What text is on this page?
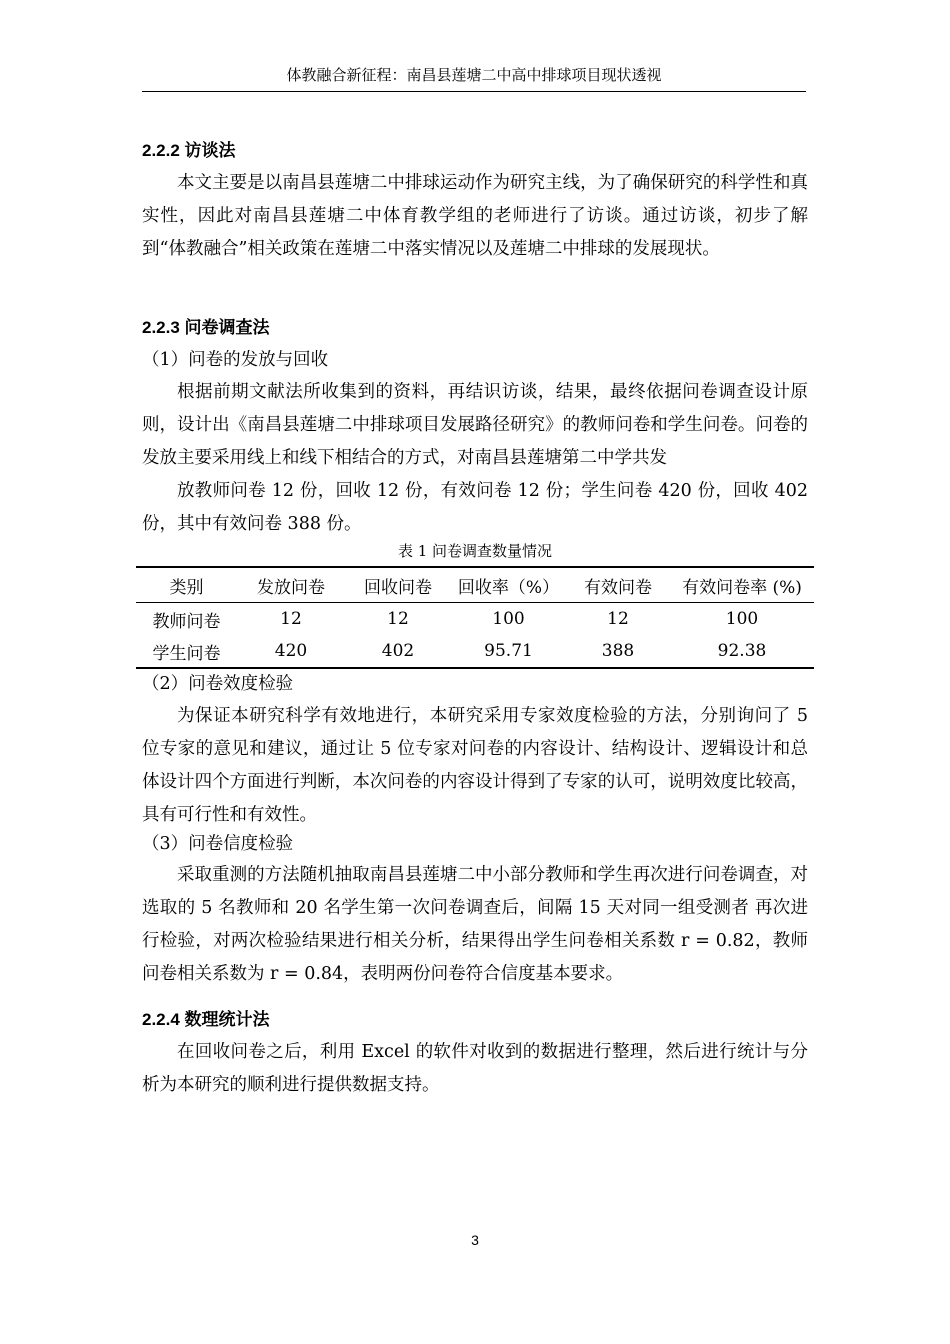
体教融合新征程：南昌县莲塘二中高中排球项目现状透视
2.2.2 访谈法

本文主要是以南昌县莲塘二中排球运动作为研究主线，为了确保研究的科学性和真实性，因此对南昌县莲塘二中体育教学组的老师进行了访谈。通过访谈，初步了解到“体教融合”相关政策在莲塘二中落实情况以及莲塘二中排球的发展现状。

2.2.3 问卷调查法
（1）问卷的发放与回收

根据前期文献法所收集到的资料，再结识访谈，结果，最终依据问卷调查设计原则，设计出《南昌县莲塘二中排球项目发展路径研究》的教师问卷和学生问卷。问卷的发放主要采用线上和线下相结合的方式，对南昌县莲塘第二中学共发

放教师问卷 12 份，回收 12 份，有效问卷 12 份；学生问卷 420 份，回收 402 份，其中有效问卷 388 份。

表 1 问卷调查数量情况
类别	发放问卷	回收问卷	回收率（%）	有效问卷	有效问卷率 (%)
教师问卷	12	12	100	12	100
学生问卷	420	402	95.71	388	92.38
（2）问卷效度检验

为保证本研究科学有效地进行，本研究采用专家效度检验的方法，分别询问了 5 位专家的意见和建议，通过让 5 位专家对问卷的内容设计、结构设计、逻辑设计和总体设计四个方面进行判断，本次问卷的内容设计得到了专家的认可，说明效度比较高，具有可行性和有效性。

（3）问卷信度检验

采取重测的方法随机抽取南昌县莲塘二中小部分教师和学生再次进行问卷调查，对选取的 5 名教师和 20 名学生第一次问卷调查后，间隔 15 天对同一组受测者 再次进行检验，对两次检验结果进行相关分析，结果得出学生问卷相关系数 r = 0.82，教师问卷相关系数为 r = 0.84，表明两份问卷符合信度基本要求。

2.2.4 数理统计法

在回收问卷之后，利用 Excel 的软件对收到的数据进行整理，然后进行统计与分析为本研究的顺利进行提供数据支持。

3
